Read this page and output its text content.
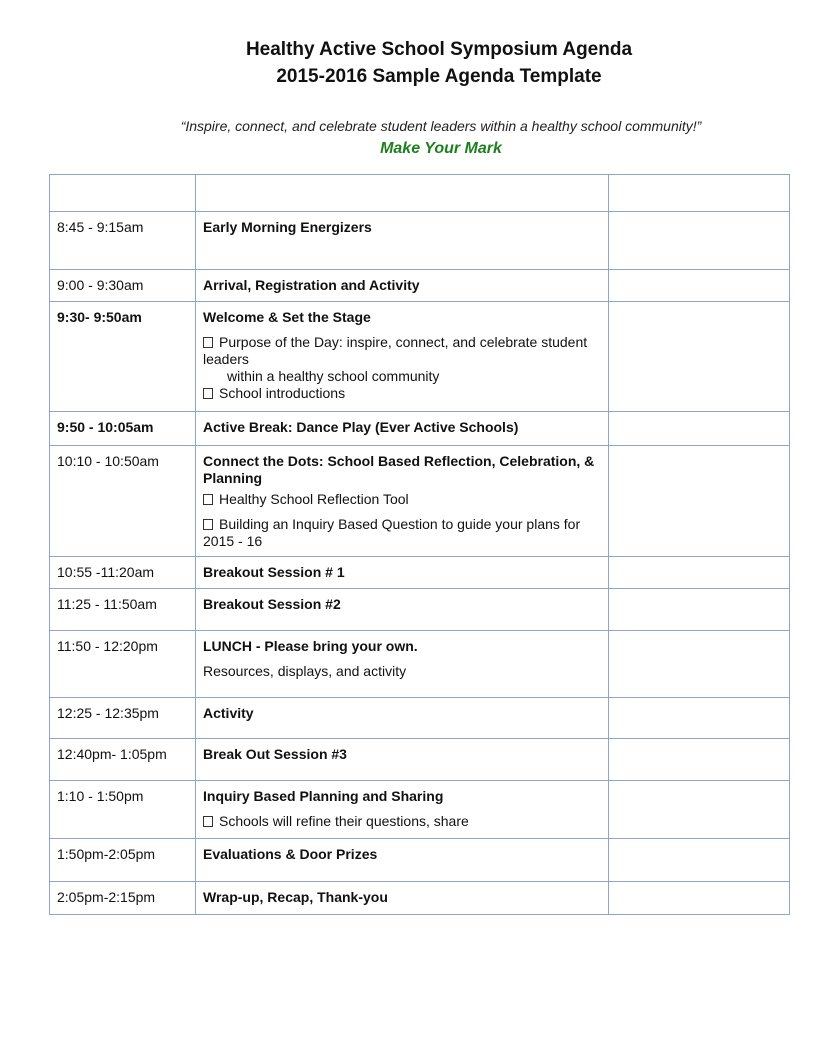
Healthy Active School Symposium Agenda
2015-2016 Sample Agenda Template
“Inspire, connect, and celebrate student leaders within a healthy school community!”
Make Your Mark

8:45 - 9:15am	Early Morning Energizers	
9:00 - 9:30am	Arrival, Registration and Activity	
9:30- 9:50am	Welcome & Set the Stage
Purpose of the Day: inspire, connect, and celebrate student leaders
within a healthy school community
School introductions	

9:50 - 10:05am	Active Break: Dance Play (Ever Active Schools)	
10:10 - 10:50am	Connect the Dots: School Based Reflection, Celebration, & Planning
Healthy School Reflection Tool
Building an Inquiry Based Question to guide your plans for 2015 - 16	

10:55 -11:20am	Breakout Session # 1	
11:25 - 11:50am	Breakout Session #2	
11:50 - 12:20pm	LUNCH - Please bring your own.
Resources, displays, and activity	

12:25 - 12:35pm	Activity	
12:40pm- 1:05pm	Break Out Session #3	
1:10 - 1:50pm	Inquiry Based Planning and Sharing
Schools will refine their questions, share	

1:50pm-2:05pm	Evaluations & Door Prizes	
2:05pm-2:15pm	Wrap-up, Recap, Thank-you	
